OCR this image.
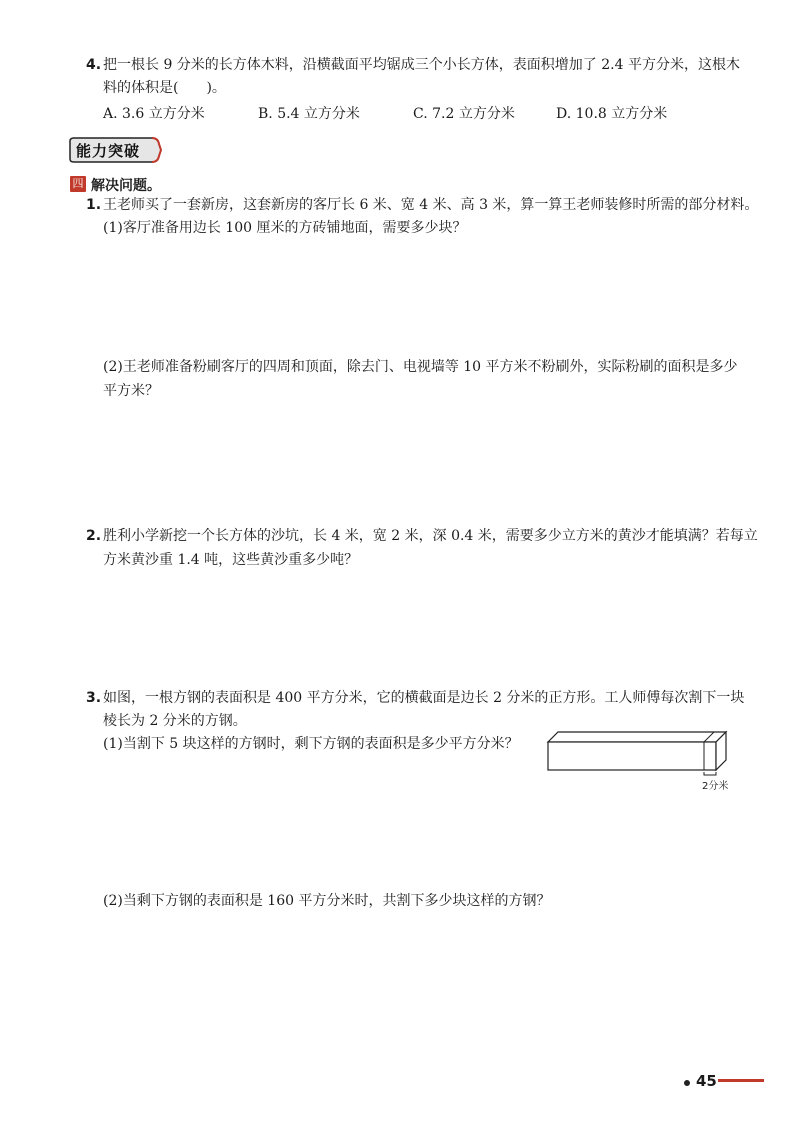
4. 把一根长 9 分米的长方体木料，沿横截面平均锯成三个小长方体，表面积增加了 2.4 平方分米，这根木
料的体积是(　　)。
A. 3.6 立方分米	B. 5.4 立方分米	C. 7.2 立方分米	D. 10.8 立方分米
能力突破
四 解决问题。
1. 王老师买了一套新房，这套新房的客厅长 6 米、宽 4 米、高 3 米，算一算王老师装修时所需的部分材料。
(1)客厅准备用边长 100 厘米的方砖铺地面，需要多少块？
(2)王老师准备粉刷客厅的四周和顶面，除去门、电视墙等 10 平方米不粉刷外，实际粉刷的面积是多少
平方米？
2. 胜利小学新挖一个长方体的沙坑，长 4 米，宽 2 米，深 0.4 米，需要多少立方米的黄沙才能填满？若每立
方米黄沙重 1.4 吨，这些黄沙重多少吨？
3. 如图，一根方钢的表面积是 400 平方分米，它的横截面是边长 2 分米的正方形。工人师傅每次割下一块
棱长为 2 分米的方钢。
(1)当割下 5 块这样的方钢时，剩下方钢的表面积是多少平方分米？
2分米
(2)当剩下方钢的表面积是 160 平方分米时，共割下多少块这样的方钢？
45
